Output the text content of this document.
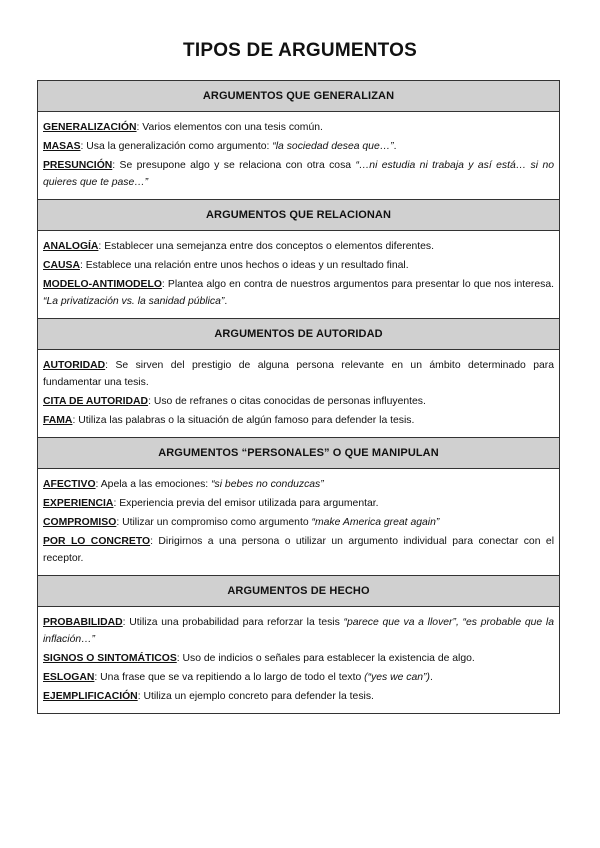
TIPOS DE ARGUMENTOS
ARGUMENTOS QUE GENERALIZAN

GENERALIZACIÓN: Varios elementos con una tesis común.

MASAS: Usa la generalización como argumento: “la sociedad desea que…”.

PRESUNCIÓN: Se presupone algo y se relaciona con otra cosa “…ni estudia ni trabaja y así está… si no quieres que te pase…”

ARGUMENTOS QUE RELACIONAN

ANALOGÍA: Establecer una semejanza entre dos conceptos o elementos diferentes.

CAUSA: Establece una relación entre unos hechos o ideas y un resultado final.

MODELO-ANTIMODELO: Plantea algo en contra de nuestros argumentos para presentar lo que nos interesa. “La privatización vs. la sanidad pública”.

ARGUMENTOS DE AUTORIDAD

AUTORIDAD: Se sirven del prestigio de alguna persona relevante en un ámbito determinado para fundamentar una tesis.

CITA DE AUTORIDAD: Uso de refranes o citas conocidas de personas influyentes.

FAMA: Utiliza las palabras o la situación de algún famoso para defender la tesis.

ARGUMENTOS “PERSONALES” O QUE MANIPULAN

AFECTIVO: Apela a las emociones: “si bebes no conduzcas”

EXPERIENCIA: Experiencia previa del emisor utilizada para argumentar.

COMPROMISO: Utilizar un compromiso como argumento “make America great again”

POR LO CONCRETO: Dirigirnos a una persona o utilizar un argumento individual para conectar con el receptor.

ARGUMENTOS DE HECHO

PROBABILIDAD: Utiliza una probabilidad para reforzar la tesis “parece que va a llover”, “es probable que la inflación…”

SIGNOS O SINTOMÁTICOS: Uso de indicios o señales para establecer la existencia de algo.

ESLOGAN: Una frase que se va repitiendo a lo largo de todo el texto (“yes we can”).

EJEMPLIFICACIÓN: Utiliza un ejemplo concreto para defender la tesis.
